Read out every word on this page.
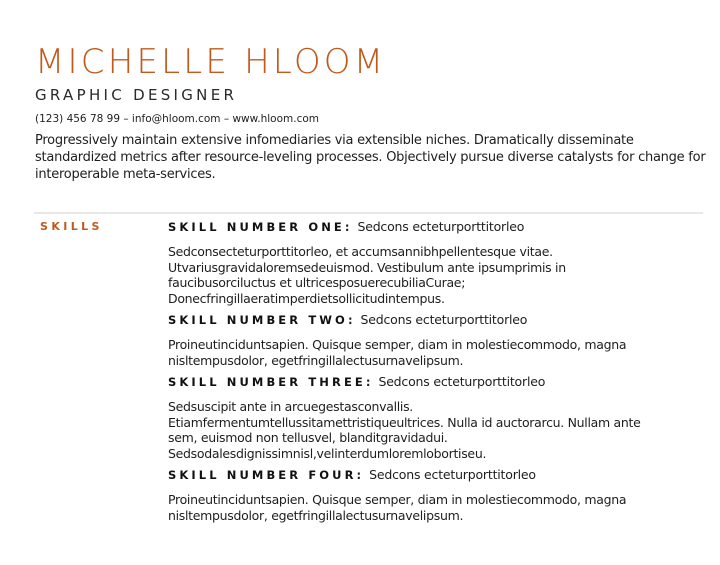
MICHELLE HLOOM
GRAPHIC DESIGNER
(123) 456 78 99 – info@hloom.com – www.hloom.com
Progressively maintain extensive infomediaries via extensible niches. Dramatically disseminate standardized metrics after resource-leveling processes. Objectively pursue diverse catalysts for change for interoperable meta-services.
SKILLS	SKILL NUMBER ONE: Sedcons ecteturporttitorleo
Sedconsecteturporttitorleo, et accumsannibhpellentesque vitae.
Utvariusgravidaloremsedeuismod. Vestibulum ante ipsumprimis in
faucibusorciluctus et ultricesposuerecubiliaCurae;
Donecfringillaeratimperdietsollicitudintempus.
SKILL NUMBER TWO: Sedcons ecteturporttitorleo
Proineutinciduntsapien. Quisque semper, diam in molestiecommodo, magna
nisltempusdolor, egetfringillalectusurnavelipsum.
SKILL NUMBER THREE: Sedcons ecteturporttitorleo
Sedsuscipit ante in arcuegestasconvallis.
Etiamfermentumtellussitamettristiqueultrices. Nulla id auctorarcu. Nullam ante
sem, euismod non tellusvel, blanditgravidadui.
Sedsodalesdignissimnisl,velinterdumloremlobortiseu.
SKILL NUMBER FOUR: Sedcons ecteturporttitorleo
Proineutinciduntsapien. Quisque semper, diam in molestiecommodo, magna
nisltempusdolor, egetfringillalectusurnavelipsum.
